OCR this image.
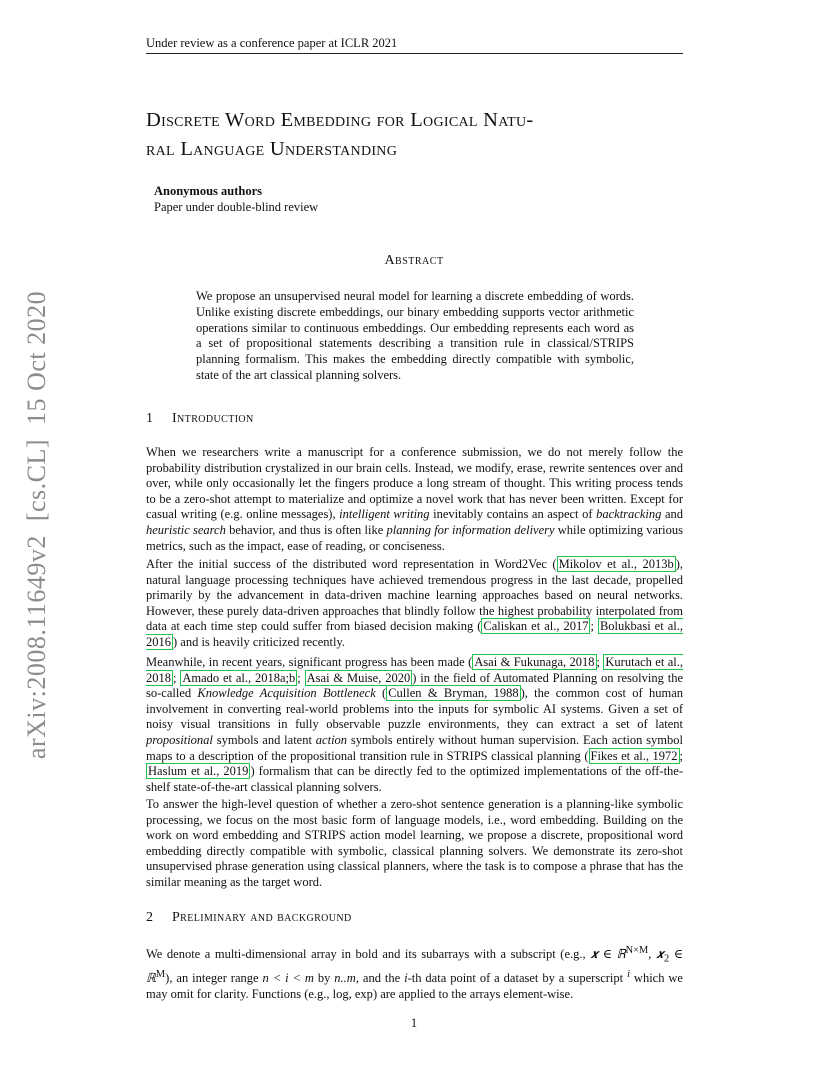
Under review as a conference paper at ICLR 2021
Discrete Word Embedding for Logical Natu-
ral Language Understanding
Anonymous authors
Paper under double-blind review
Abstract
We propose an unsupervised neural model for learning a discrete embedding of words. Unlike existing discrete embeddings, our binary embedding supports vector arithmetic operations similar to continuous embeddings. Our embedding represents each word as a set of propositional statements describing a transition rule in classical/STRIPS planning formalism. This makes the embedding directly compatible with symbolic, state of the art classical planning solvers.
1 Introduction
When we researchers write a manuscript for a conference submission, we do not merely follow the probability distribution crystalized in our brain cells. Instead, we modify, erase, rewrite sentences over and over, while only occasionally let the fingers produce a long stream of thought. This writing process tends to be a zero-shot attempt to materialize and optimize a novel work that has never been written. Except for casual writing (e.g. online messages), intelligent writing inevitably contains an aspect of backtracking and heuristic search behavior, and thus is often like planning for information delivery while optimizing various metrics, such as the impact, ease of reading, or conciseness.
After the initial success of the distributed word representation in Word2Vec ( Mikolov et al., 2013b ), natural language processing techniques have achieved tremendous progress in the last decade, propelled primarily by the advancement in data-driven machine learning approaches based on neural networks. However, these purely data-driven approaches that blindly follow the highest probability interpolated from data at each time step could suffer from biased decision making ( Caliskan et al., 2017 ; Bolukbasi et al., 2016 ) and is heavily criticized recently.
Meanwhile, in recent years, significant progress has been made ( Asai & Fukunaga, 2018 ; Kurutach et al., 2018 ; Amado et al., 2018a;b ; Asai & Muise, 2020 ) in the field of Automated Planning on resolving the so-called Knowledge Acquisition Bottleneck ( Cullen & Bryman, 1988 ), the common cost of human involvement in converting real-world problems into the inputs for symbolic AI systems. Given a set of noisy visual transitions in fully observable puzzle environments, they can extract a set of latent propositional symbols and latent action symbols entirely without human supervision. Each action symbol maps to a description of the propositional transition rule in STRIPS classical planning ( Fikes et al., 1972 ; Haslum et al., 2019 ) formalism that can be directly fed to the optimized implementations of the off-the-shelf state-of-the-art classical planning solvers.
To answer the high-level question of whether a zero-shot sentence generation is a planning-like symbolic processing, we focus on the most basic form of language models, i.e., word embedding. Building on the work on word embedding and STRIPS action model learning, we propose a discrete, propositional word embedding directly compatible with symbolic, classical planning solvers. We demonstrate its zero-shot unsupervised phrase generation using classical planners, where the task is to compose a phrase that has the similar meaning as the target word.
2 Preliminary and background
We denote a multi-dimensional array in bold and its subarrays with a subscript (e.g., 𝒙 ∈ ℝ$^{N\times M}$, 𝒙$_2$ ∈ ℝ$^M$), an integer range n < i < m by n..m, and the i-th data point of a dataset by a superscript $^i$ which we may omit for clarity. Functions (e.g., log, exp) are applied to the arrays element-wise.
1
arXiv:2008.11649v2  [cs.CL]  15 Oct 2020
